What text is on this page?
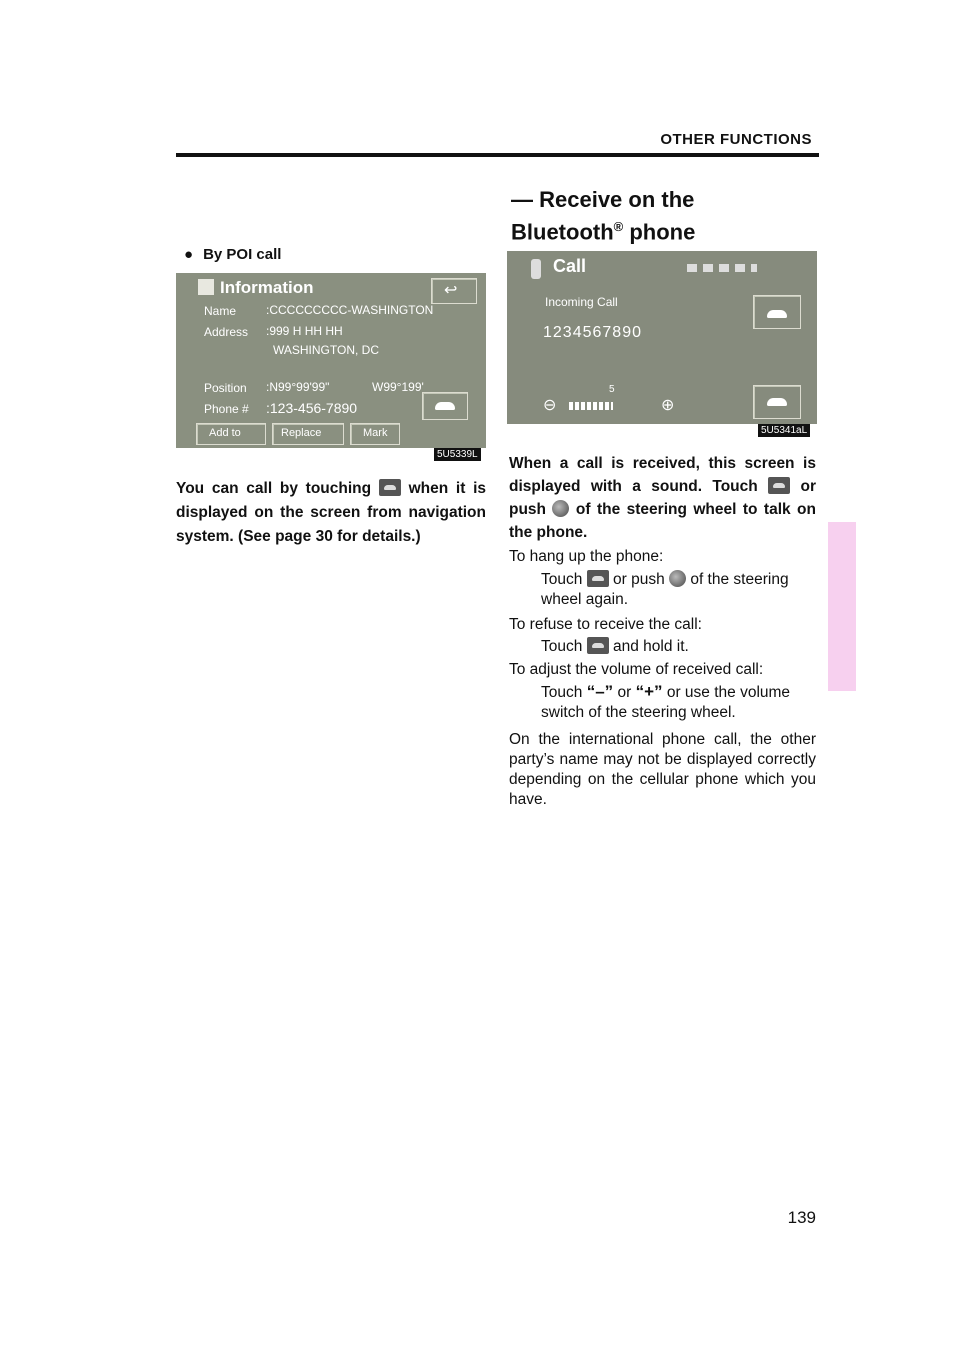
OTHER FUNCTIONS
— Receive on the
Bluetooth® phone
● By POI call
Information	↩
Name :CCCCCCCCC-WASHINGTON
Address :999 H HH HH
WASHINGTON, DC
Position :N99°99'99"	W99°199'
Phone # :123-456-7890
Add to	Replace	Mark
5U5339L
You can call by touching when it is displayed on the screen from navigation system. (See page 30 for details.)
Call
Incoming Call
1234567890
5
⊖	⊕
5U5341aL
When a call is received, this screen is displayed with a sound. Touch	or push of the steering wheel to talk on the phone.
To hang up the phone:
Touch or push of the steering wheel again.
To refuse to receive the call:
Touch and hold it.
To adjust the volume of received call:
Touch “–” or “+” or use the volume switch of the steering wheel.
On the international phone call, the other party’s name may not be displayed correctly depending on the cellular phone which you have.
139
